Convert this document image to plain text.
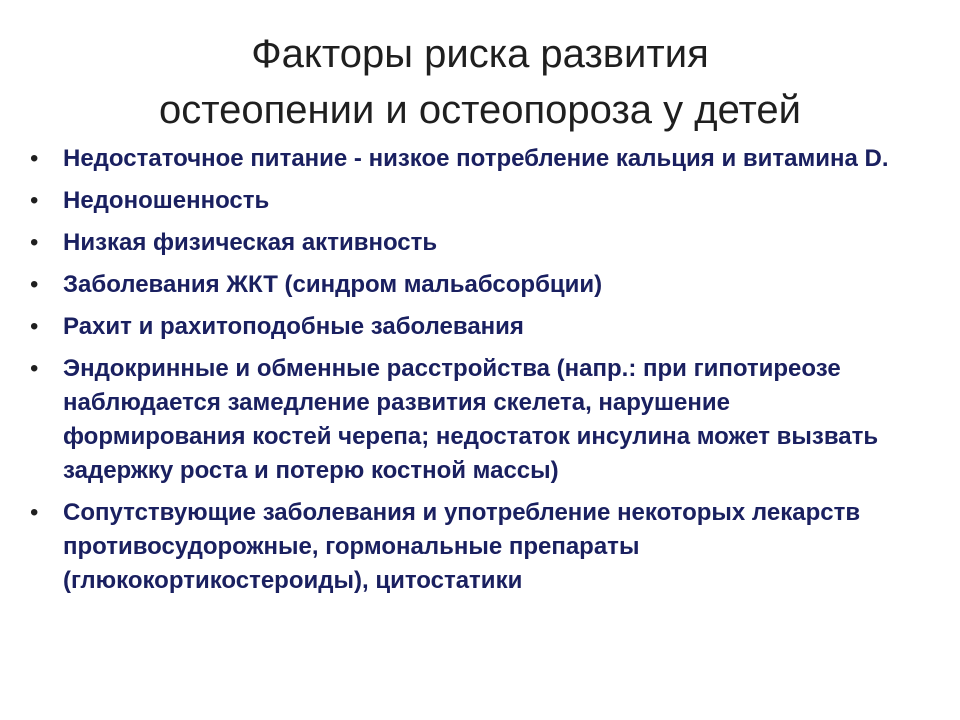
Факторы риска развития
остеопении и остеопороза у детей
• Недостаточное питание - низкое потребление кальция и витамина D.
• Недоношенность
• Низкая физическая активность
• Заболевания ЖКТ (синдром мальабсорбции)
• Рахит и рахитоподобные заболевания
• Эндокринные и обменные расстройства (напр.: при гипотиреозе наблюдается замедление развития скелета, нарушение формирования костей черепа; недостаток инсулина может вызвать задержку роста и потерю костной массы)
• Сопутствующие заболевания и употребление некоторых лекарств противосудорожные, гормональные препараты (глюкокортикостероиды), цитостатики
